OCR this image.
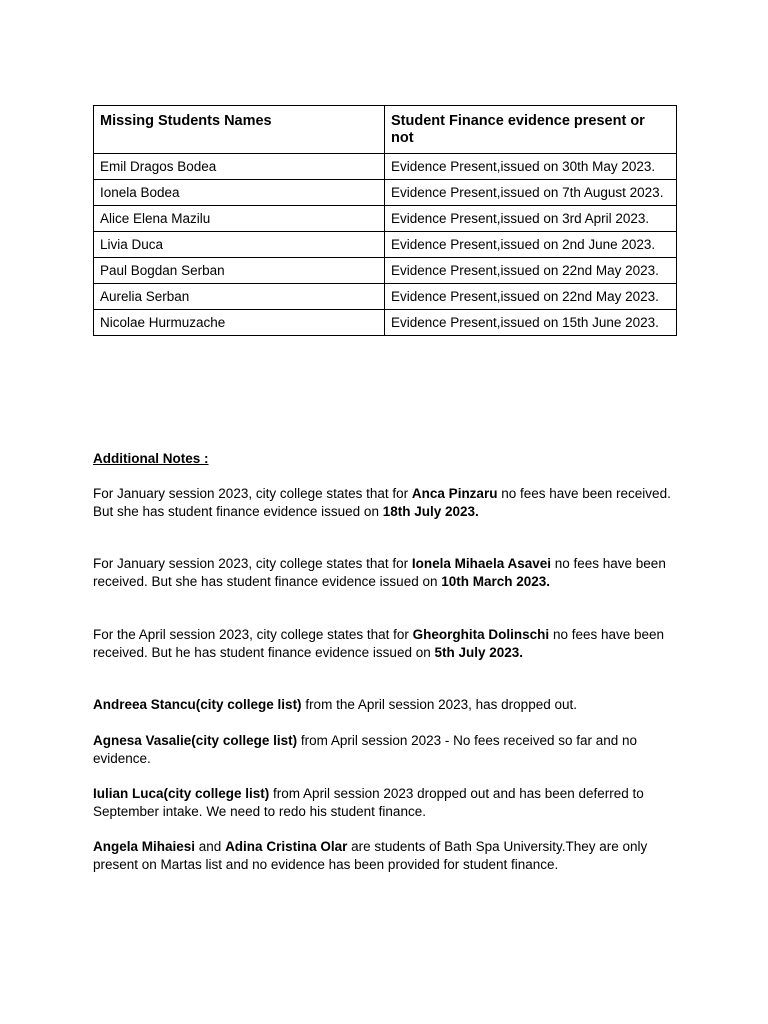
Missing Students Names	Student Finance evidence present or not
Emil Dragos Bodea	Evidence Present,issued on 30th May 2023.
Ionela Bodea	Evidence Present,issued on 7th August 2023.
Alice Elena Mazilu	Evidence Present,issued on 3rd April 2023.
Livia Duca	Evidence Present,issued on 2nd June 2023.
Paul Bogdan Serban	Evidence Present,issued on 22nd May 2023.
Aurelia Serban	Evidence Present,issued on 22nd May 2023.
Nicolae Hurmuzache	Evidence Present,issued on 15th June 2023.

Additional Notes :

For January session 2023, city college states that for Anca Pinzaru no fees have been received. But she has student finance evidence issued on 18th July 2023.

For January session 2023, city college states that for Ionela Mihaela Asavei no fees have been received. But she has student finance evidence issued on 10th March 2023.

For the April session 2023, city college states that for Gheorghita Dolinschi no fees have been received. But he has student finance evidence issued on 5th July 2023.

Andreea Stancu(city college list) from the April session 2023, has dropped out.

Agnesa Vasalie(city college list) from April session 2023 - No fees received so far and no evidence.

Iulian Luca(city college list) from April session 2023 dropped out and has been deferred to September intake. We need to redo his student finance.

Angela Mihaiesi and Adina Cristina Olar are students of Bath Spa University.They are only present on Martas list and no evidence has been provided for student finance.
